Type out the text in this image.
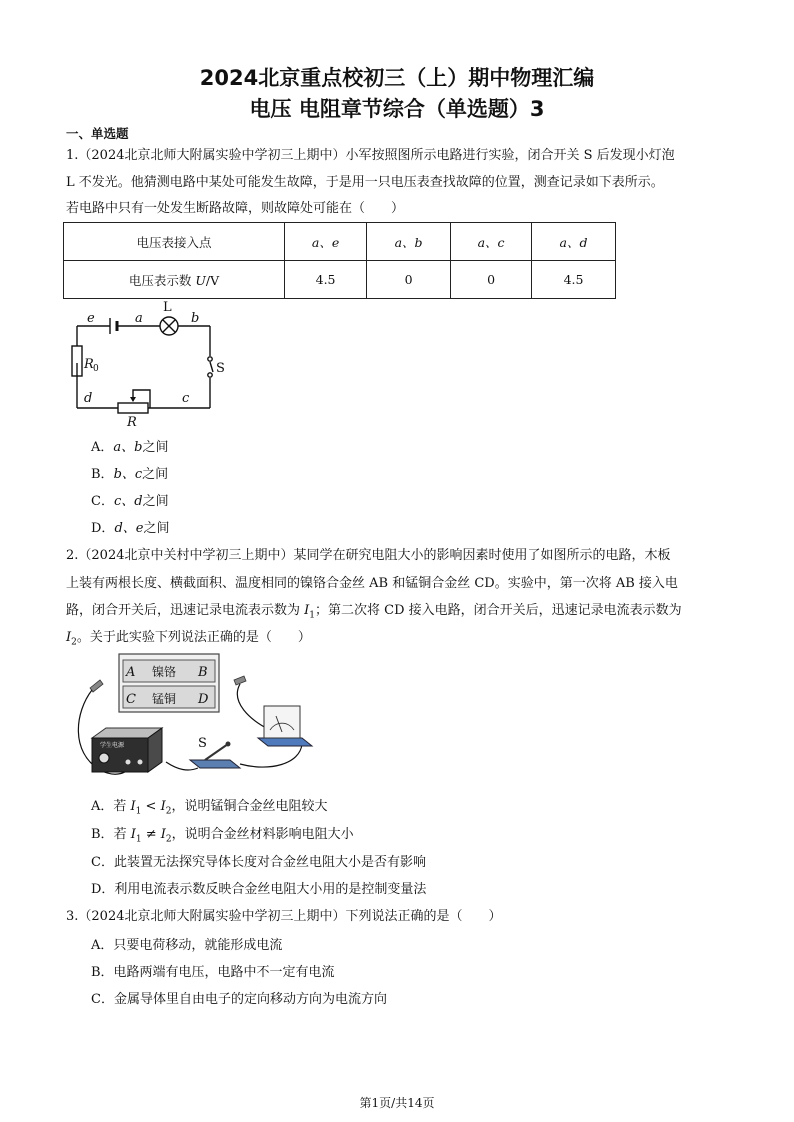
2024北京重点校初三（上）期中物理汇编
电压 电阻章节综合（单选题）3
一、单选题
1.（2024北京北师大附属实验中学初三上期中）小军按照图所示电路进行实验，闭合开关 S 后发现小灯泡
L 不发光。他猜测电路中某处可能发生故障，于是用一只电压表查找故障的位置，测查记录如下表所示。
若电路中只有一处发生断路故障，则故障处可能在（　　）
电压表接入点	a、e	a、b	a、c	a、d
电压表示数 U/V	4.5	0	0	4.5
e	a	b
d	c
R
R
0
L
S
A．a、b之间
B．b、c之间
C．c、d之间
D．d、e之间
2.（2024北京中关村中学初三上期中）某同学在研究电阻大小的影响因素时使用了如图所示的电路，木板
上装有两根长度、横截面积、温度相同的镍铬合金丝 AB 和锰铜合金丝 CD。实验中，第一次将 AB 接入电
路，闭合开关后，迅速记录电流表示数为 $I_1$；第二次将 CD 接入电路，闭合开关后，迅速记录电流表示数为
$I_2$。关于此实验下列说法正确的是（　　）
A	B
C	D
镍铬
锰铜
学生电源	S
A．若 $I_1 < I_2$，说明锰铜合金丝电阻较大
B．若 $I_1 \ne I_2$，说明合金丝材料影响电阻大小
C．此装置无法探究导体长度对合金丝电阻大小是否有影响
D．利用电流表示数反映合金丝电阻大小用的是控制变量法
3.（2024北京北师大附属实验中学初三上期中）下列说法正确的是（　　）
A．只要电荷移动，就能形成电流
B．电路两端有电压，电路中不一定有电流
C．金属导体里自由电子的定向移动方向为电流方向
第1页/共14页
